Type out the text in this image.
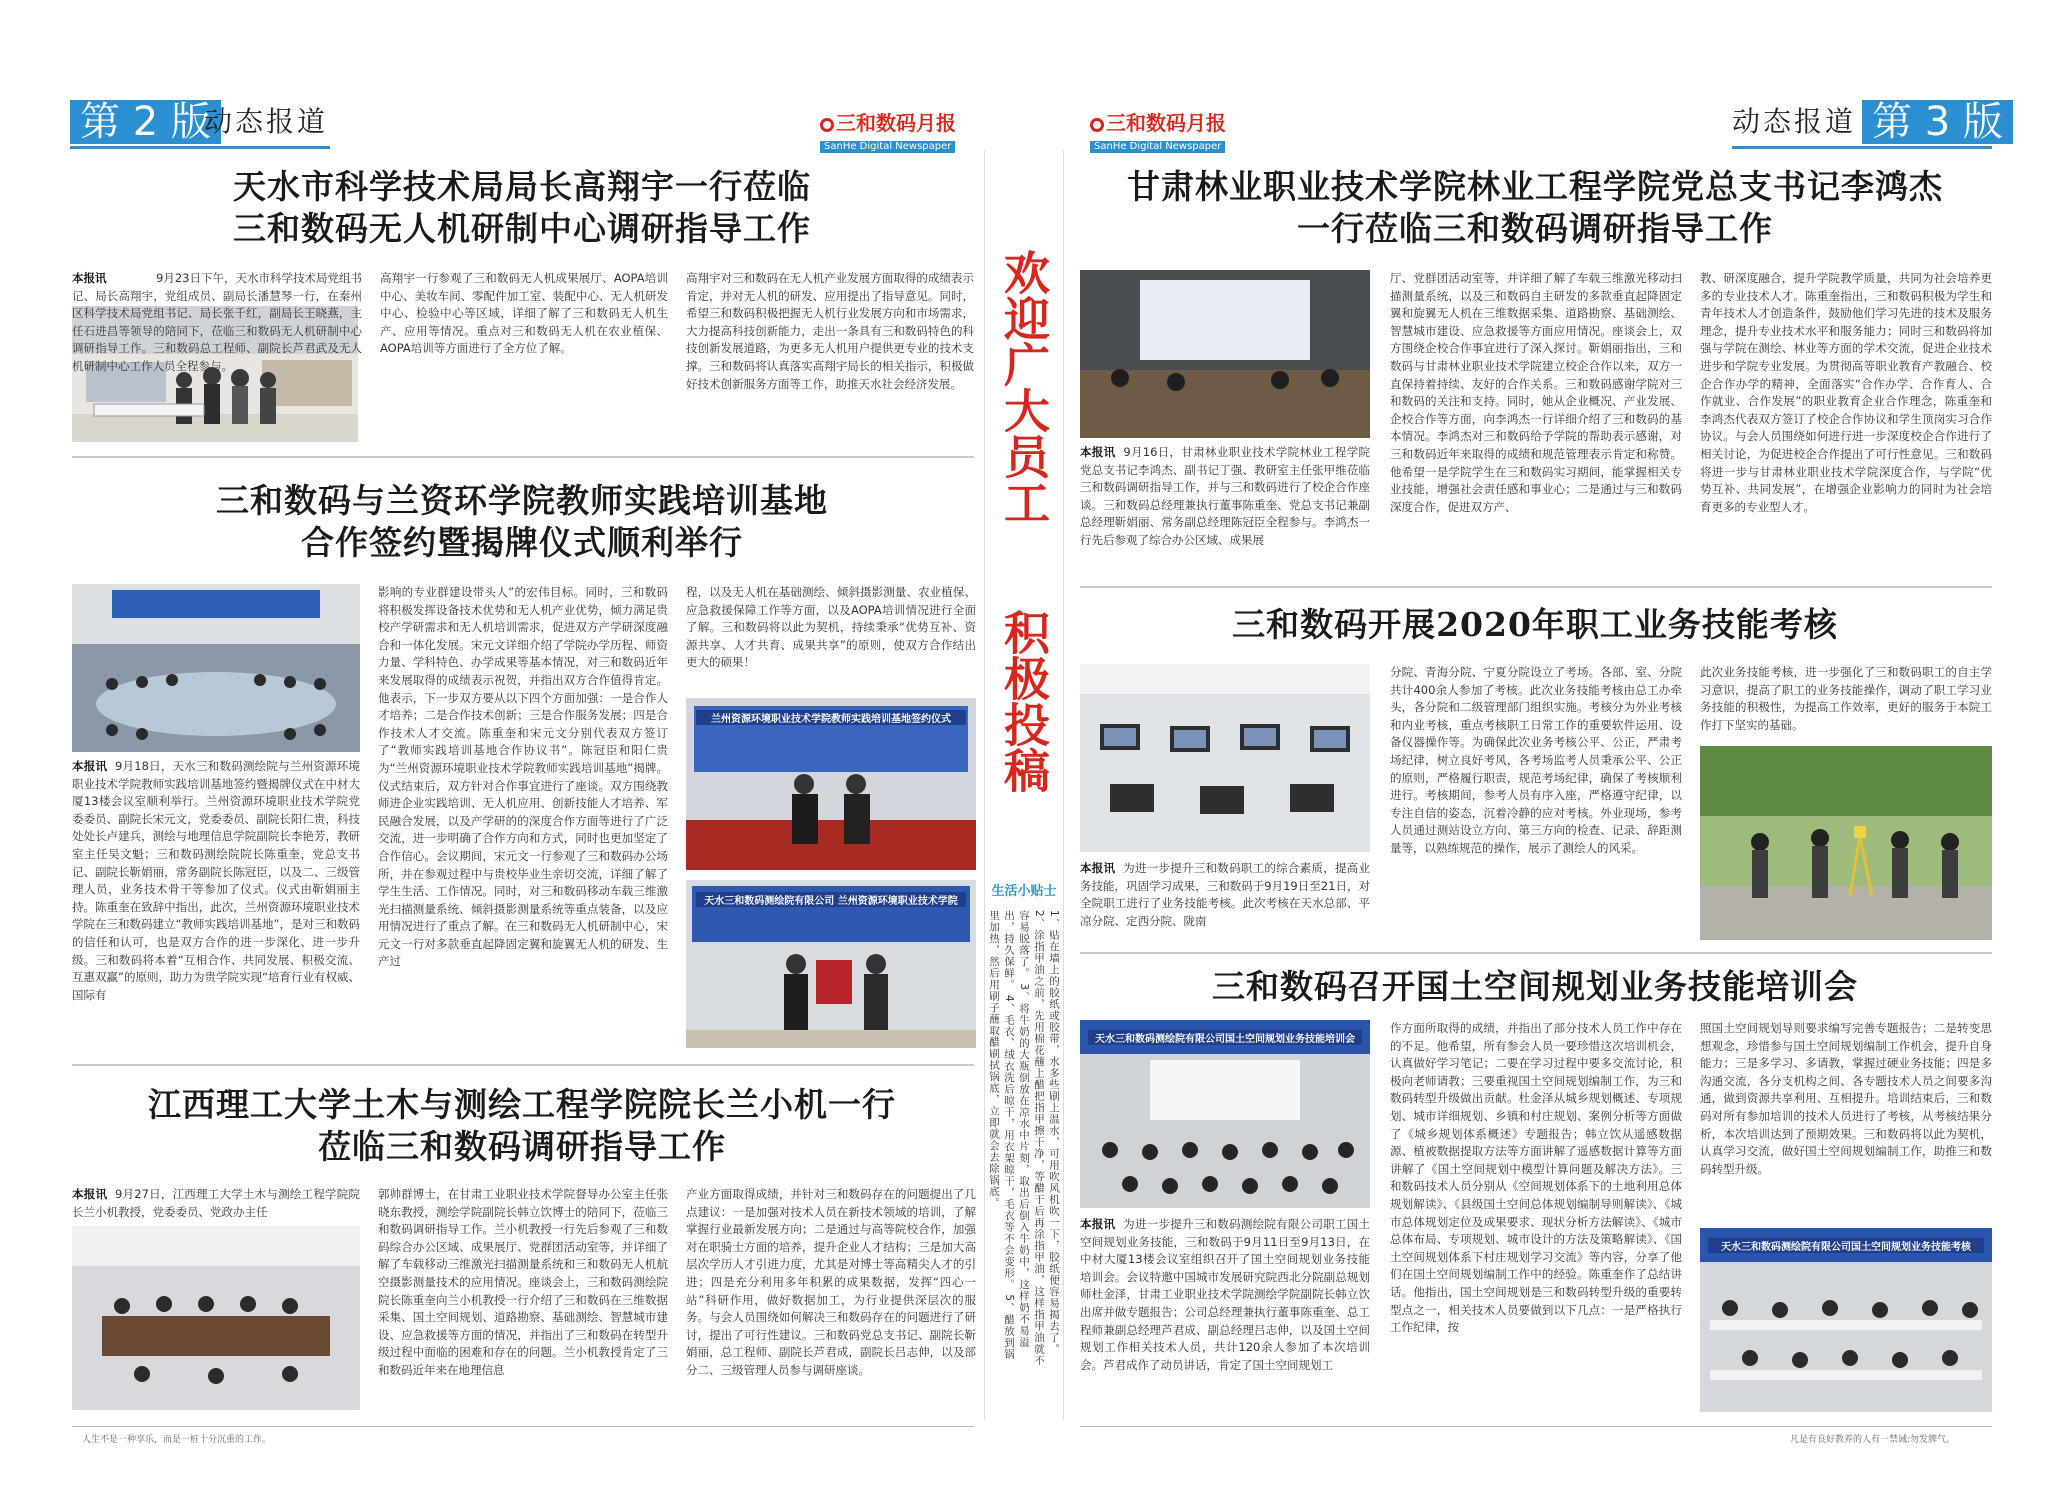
第 2 版
动态报道	三和数码月报
SanHe Digital Newspaper
三和数码月报
SanHe Digital Newspaper
动态报道 第 3 版
欢迎广大员工
积极投稿
生活小贴士
1、贴在墙上的胶纸或胶带，水多些刷上温水，可用吹风机吹一下，胶纸便容易揭去了。 2、涂指甲油之前，先用棉花蘸上醋把指甲擦干净，等醋干后再涂指甲油，这样指甲油就不容易脱落了。 3、将牛奶的大瓶倒放在凉水中片刻，取出后倒入牛奶中，这样奶不易溢出，持久保鲜。 4、毛衣、绒衣洗后晾干，用衣架晾干，毛衣等不会变形。 5、醋放到锅里加热，然后用刷子蘸取醋刷拭锅底，立即就会去除锅底。
天水市科学技术局局长高翔宇一行莅临
三和数码无人机研制中心调研指导工作
本报讯	9月23日下午，天水市科学技术局党组书记、局长高翔宇，党组成员、副局长潘慧琴一行，在秦州区科学技术局党组书记、局长张千红，副局长王晓燕，主任石进昌等领导的陪同下，莅临三和数码无人机研制中心调研指导工作。三和数码总工程师、副院长芦君武及无人机研制中心工作人员全程参与。
高翔宇一行参观了三和数码无人机成果展厅、AOPA培训中心、美妆车间、零配件加工室、装配中心、无人机研发中心、检验中心等区域，详细了解了三和数码无人机生产、应用等情况。重点对三和数码无人机在农业植保、AOPA培训等方面进行了全方位了解。
高翔宇对三和数码在无人机产业发展方面取得的成绩表示肯定，并对无人机的研发、应用提出了指导意见。同时，希望三和数码积极把握无人机行业发展方向和市场需求，大力提高科技创新能力，走出一条具有三和数码特色的科技创新发展道路，为更多无人机用户提供更专业的技术支撑。三和数码将认真落实高翔宇局长的相关指示，积极做好技术创新服务方面等工作，助推天水社会经济发展。
三和数码与兰资环学院教师实践培训基地
合作签约暨揭牌仪式顺利举行
本报讯 9月18日，天水三和数码测绘院与兰州资源环境职业技术学院教师实践培训基地签约暨揭牌仪式在中材大厦13楼会议室顺利举行。兰州资源环境职业技术学院党委委员、副院长宋元文，党委委员、副院长阳仁贵，科技处处长卢建兵，测绘与地理信息学院副院长李艳芳，教研室主任吴文魁；三和数码测绘院院长陈重奎，党总支书记、副院长靳娟丽，常务副院长陈冠臣，以及二、三级管理人员，业务技术骨干等参加了仪式。仪式由靳娟丽主持。陈重奎在致辞中指出，此次，兰州资源环境职业技术学院在三和数码建立“教师实践培训基地”，是对三和数码的信任和认可，也是双方合作的进一步深化、进一步升级。三和数码将本着“互相合作、共同发展、积极交流、互惠双赢”的原则，助力为贵学院实现“培育行业有权威、国际有
影响的专业群建设带头人”的宏伟目标。同时，三和数码将积极发挥设备技术优势和无人机产业优势，倾力满足贵校产学研需求和无人机培训需求，促进双方产学研深度融合和一体化发展。宋元文详细介绍了学院办学历程、师资力量、学科特色、办学成果等基本情况，对三和数码近年来发展取得的成绩表示祝贺，并指出双方合作值得肯定。他表示，下一步双方要从以下四个方面加强：一是合作人才培养；二是合作技术创新；三是合作服务发展；四是合作技术人才交流。陈重奎和宋元文分别代表双方签订了“教师实践培训基地合作协议书”。陈冠臣和阳仁贵为“兰州资源环境职业技术学院教师实践培训基地”揭牌。仪式结束后，双方针对合作事宜进行了座谈。双方围绕教师进企业实践培训、无人机应用、创新技能人才培养、军民融合发展，以及产学研的的深度合作方面等进行了广泛交流，进一步明确了合作方向和方式，同时也更加坚定了合作信心。会议期间，宋元文一行参观了三和数码办公场所，并在参观过程中与贵校毕业生亲切交流，详细了解了学生生活、工作情况。同时，对三和数码移动车载三维激光扫描测量系统、倾斜摄影测量系统等重点装备，以及应用情况进行了重点了解。在三和数码无人机研制中心，宋元文一行对多款垂直起降固定翼和旋翼无人机的研发、生产过
程，以及无人机在基础测绘、倾斜摄影测量、农业植保、应急救援保障工作等方面，以及AOPA培训情况进行全面了解。三和数码将以此为契机，持续秉承“优势互补、资源共享、人才共育、成果共享”的原则，使双方合作结出更大的硕果！
兰州资源环境职业技术学院教师实践培训基地签约仪式
天水三和数码测绘院有限公司 兰州资源环境职业技术学院
江西理工大学土木与测绘工程学院院长兰小机一行
莅临三和数码调研指导工作
本报讯 9月27日，江西理工大学土木与测绘工程学院院长兰小机教授，党委委员、党政办主任
郭帅群博士，在甘肃工业职业技术学院督导办公室主任张晓东教授，测绘学院副院长韩立饮博士的陪同下，莅临三和数码调研指导工作。兰小机教授一行先后参观了三和数码综合办公区域、成果展厅、党群团活动室等，并详细了解了车载移动三维激光扫描测量系统和三和数码无人机航空摄影测量技术的应用情况。座谈会上，三和数码测绘院院长陈重奎向兰小机教授一行介绍了三和数码在三维数据采集、国土空间规划、道路勘察、基础测绘、智慧城市建设、应急救援等方面的情况，并指出了三和数码在转型升级过程中面临的困难和存在的问题。兰小机教授肯定了三和数码近年来在地理信息
产业方面取得成绩，并针对三和数码存在的问题提出了几点建议：一是加强对技术人员在新技术领域的培训，了解掌握行业最新发展方向；二是通过与高等院校合作，加强对在职骑士方面的培养，提升企业人才结构；三是加大高层次学历人才引进力度，尤其是对博士等高精尖人才的引进；四是充分利用多年积累的成果数据，发挥“四心一站”科研作用，做好数据加工，为行业提供深层次的服务。与会人员围绕如何解决三和数码存在的问题进行了研讨，提出了可行性建议。三和数码党总支书记、副院长靳娟丽，总工程师、副院长芦君成，副院长吕志伸，以及部分二、三级管理人员参与调研座谈。
甘肃林业职业技术学院林业工程学院党总支书记李鸿杰
一行莅临三和数码调研指导工作
本报讯 9月16日，甘肃林业职业技术学院林业工程学院党总支书记李鸿杰、副书记丁强、教研室主任张甲维莅临三和数码调研指导工作，并与三和数码进行了校企合作座谈。三和数码总经理兼执行董事陈重奎、党总支书记兼副总经理靳娟丽、常务副总经理陈冠臣全程参与。李鸿杰一行先后参观了综合办公区域、成果展
厅、党群团活动室等，并详细了解了车载三维激光移动扫描测量系统，以及三和数码自主研发的多款垂直起降固定翼和旋翼无人机在三维数据采集、道路勘察、基础测绘、智慧城市建设、应急救援等方面应用情况。座谈会上，双方围绕企校合作事宜进行了深入探讨。靳娟丽指出，三和数码与甘肃林业职业技术学院建立校企合作以来，双方一直保持着持续、友好的合作关系。三和数码感谢学院对三和数码的关注和支持。同时，她从企业概况、产业发展、企校合作等方面，向李鸿杰一行详细介绍了三和数码的基本情况。李鸿杰对三和数码给予学院的帮助表示感谢，对三和数码近年来取得的成绩和规范管理表示肯定和称赞。他希望一是学院学生在三和数码实习期间，能掌握相关专业技能，增强社会责任感和事业心；二是通过与三和数码深度合作，促进双方产、
教、研深度融合，提升学院教学质量，共同为社会培养更多的专业技术人才。陈重奎指出，三和数码积极为学生和青年技术人才创造条件，鼓励他们学习先进的技术及服务理念，提升专业技术水平和服务能力；同时三和数码将加强与学院在测绘、林业等方面的学术交流，促进企业技术进步和学院专业发展。为贯彻高等职业教育产教融合、校企合作办学的精神，全面落实“合作办学、合作育人、合作就业、合作发展”的职业教育企业合作理念，陈重奎和李鸿杰代表双方签订了校企合作协议和学生顶岗实习合作协议。与会人员围绕如何进行进一步深度校企合作进行了相关讨论，为促进校企合作提出了可行性意见。三和数码将进一步与甘肃林业职业技术学院深度合作，与学院“优势互补、共同发展”，在增强企业影响力的同时为社会培育更多的专业型人才。
三和数码开展2020年职工业务技能考核
本报讯 为进一步提升三和数码职工的综合素质，提高业务技能，巩固学习成果，三和数码于9月19日至21日，对全院职工进行了业务技能考核。此次考核在天水总部、平凉分院、定西分院、陇南
分院、青海分院、宁夏分院设立了考场。各部、室、分院共计400余人参加了考核。此次业务技能考核由总工办牵头，各分院和二级管理部门组织实施。考核分为外业考核和内业考核，重点考核职工日常工作的重要软件运用、设备仪器操作等。为确保此次业务考核公平、公正，严肃考场纪律，树立良好考风，各考场监考人员秉承公平、公正的原则，严格履行职责，规范考场纪律，确保了考核顺利进行。考核期间，参考人员有序入座，严格遵守纪律，以专注自信的姿态，沉着冷静的应对考核。外业现场，参考人员通过测站设立方向、第三方向的检查、记录、辞距测量等，以熟练规范的操作，展示了测绘人的风采。
此次业务技能考核，进一步强化了三和数码职工的自主学习意识，提高了职工的业务技能操作，调动了职工学习业务技能的积极性，为提高工作效率，更好的服务于本院工作打下坚实的基础。
三和数码召开国土空间规划业务技能培训会
天水三和数码测绘院有限公司国土空间规划业务技能培训会
本报讯 为进一步提升三和数码测绘院有限公司职工国土空间规划业务技能，三和数码于9月11日至9月13日，在中材大厦13楼会议室组织召开了国土空间规划业务技能培训会。会议特邀中国城市发展研究院西北分院副总规划师杜金泽，甘肃工业职业技术学院测绘学院副院长韩立饮出席并做专题报告；公司总经理兼执行董事陈重奎、总工程师兼副总经理芦君成、副总经理吕志伸，以及国土空间规划工作相关技术人员，共计120余人参加了本次培训会。芦君成作了动员讲话，肯定了国土空间规划工
作方面所取得的成绩，并指出了部分技术人员工作中存在的不足。他希望，所有参会人员一要珍惜这次培训机会，认真做好学习笔记；二要在学习过程中要多交流讨论，积极向老师请教；三要重视国土空间规划编制工作，为三和数码转型升级做出贡献。杜金泽从城乡规划概述、专项规划、城市详细规划、乡镇和村庄规划、案例分析等方面做了《城乡规划体系概述》专题报告；韩立饮从遥感数据源、植被数据提取方法等方面讲解了遥感数据计算等方面讲解了《国土空间规划中模型计算问题及解决方法》。三和数码技术人员分别从《空间规划体系下的土地利用总体规划解读》、《县级国土空间总体规划编制导则解读》、《城市总体规划定位及成果要求、现状分析方法解读》、《城市总体布局、专项规划、城市设计的方法及策略解读》、《国土空间规划体系下村庄规划学习交流》等内容，分享了他们在国土空间规划编制工作中的经验。陈重奎作了总结讲话。他指出，国土空间规划是三和数码转型升级的重要转型点之一，相关技术人员要做到以下几点：一是严格执行工作纪律，按
照国土空间规划导则要求编写完善专题报告；二是转变思想观念，珍惜参与国土空间规划编制工作机会，提升自身能力；三是多学习、多请教，掌握过硬业务技能；四是多沟通交流，各分支机构之间、各专题技术人员之间要多沟通，做到资源共享利用、互相提升。培训结束后，三和数码对所有参加培训的技术人员进行了考核，从考核结果分析，本次培训达到了预期效果。三和数码将以此为契机，认真学习交流，做好国土空间规划编制工作，助推三和数码转型升级。
天水三和数码测绘院有限公司国土空间规划业务技能考核
人生不是一种享乐，而是一桩十分沉重的工作。	凡是有良好教养的人有一禁诫:勿发脾气。
